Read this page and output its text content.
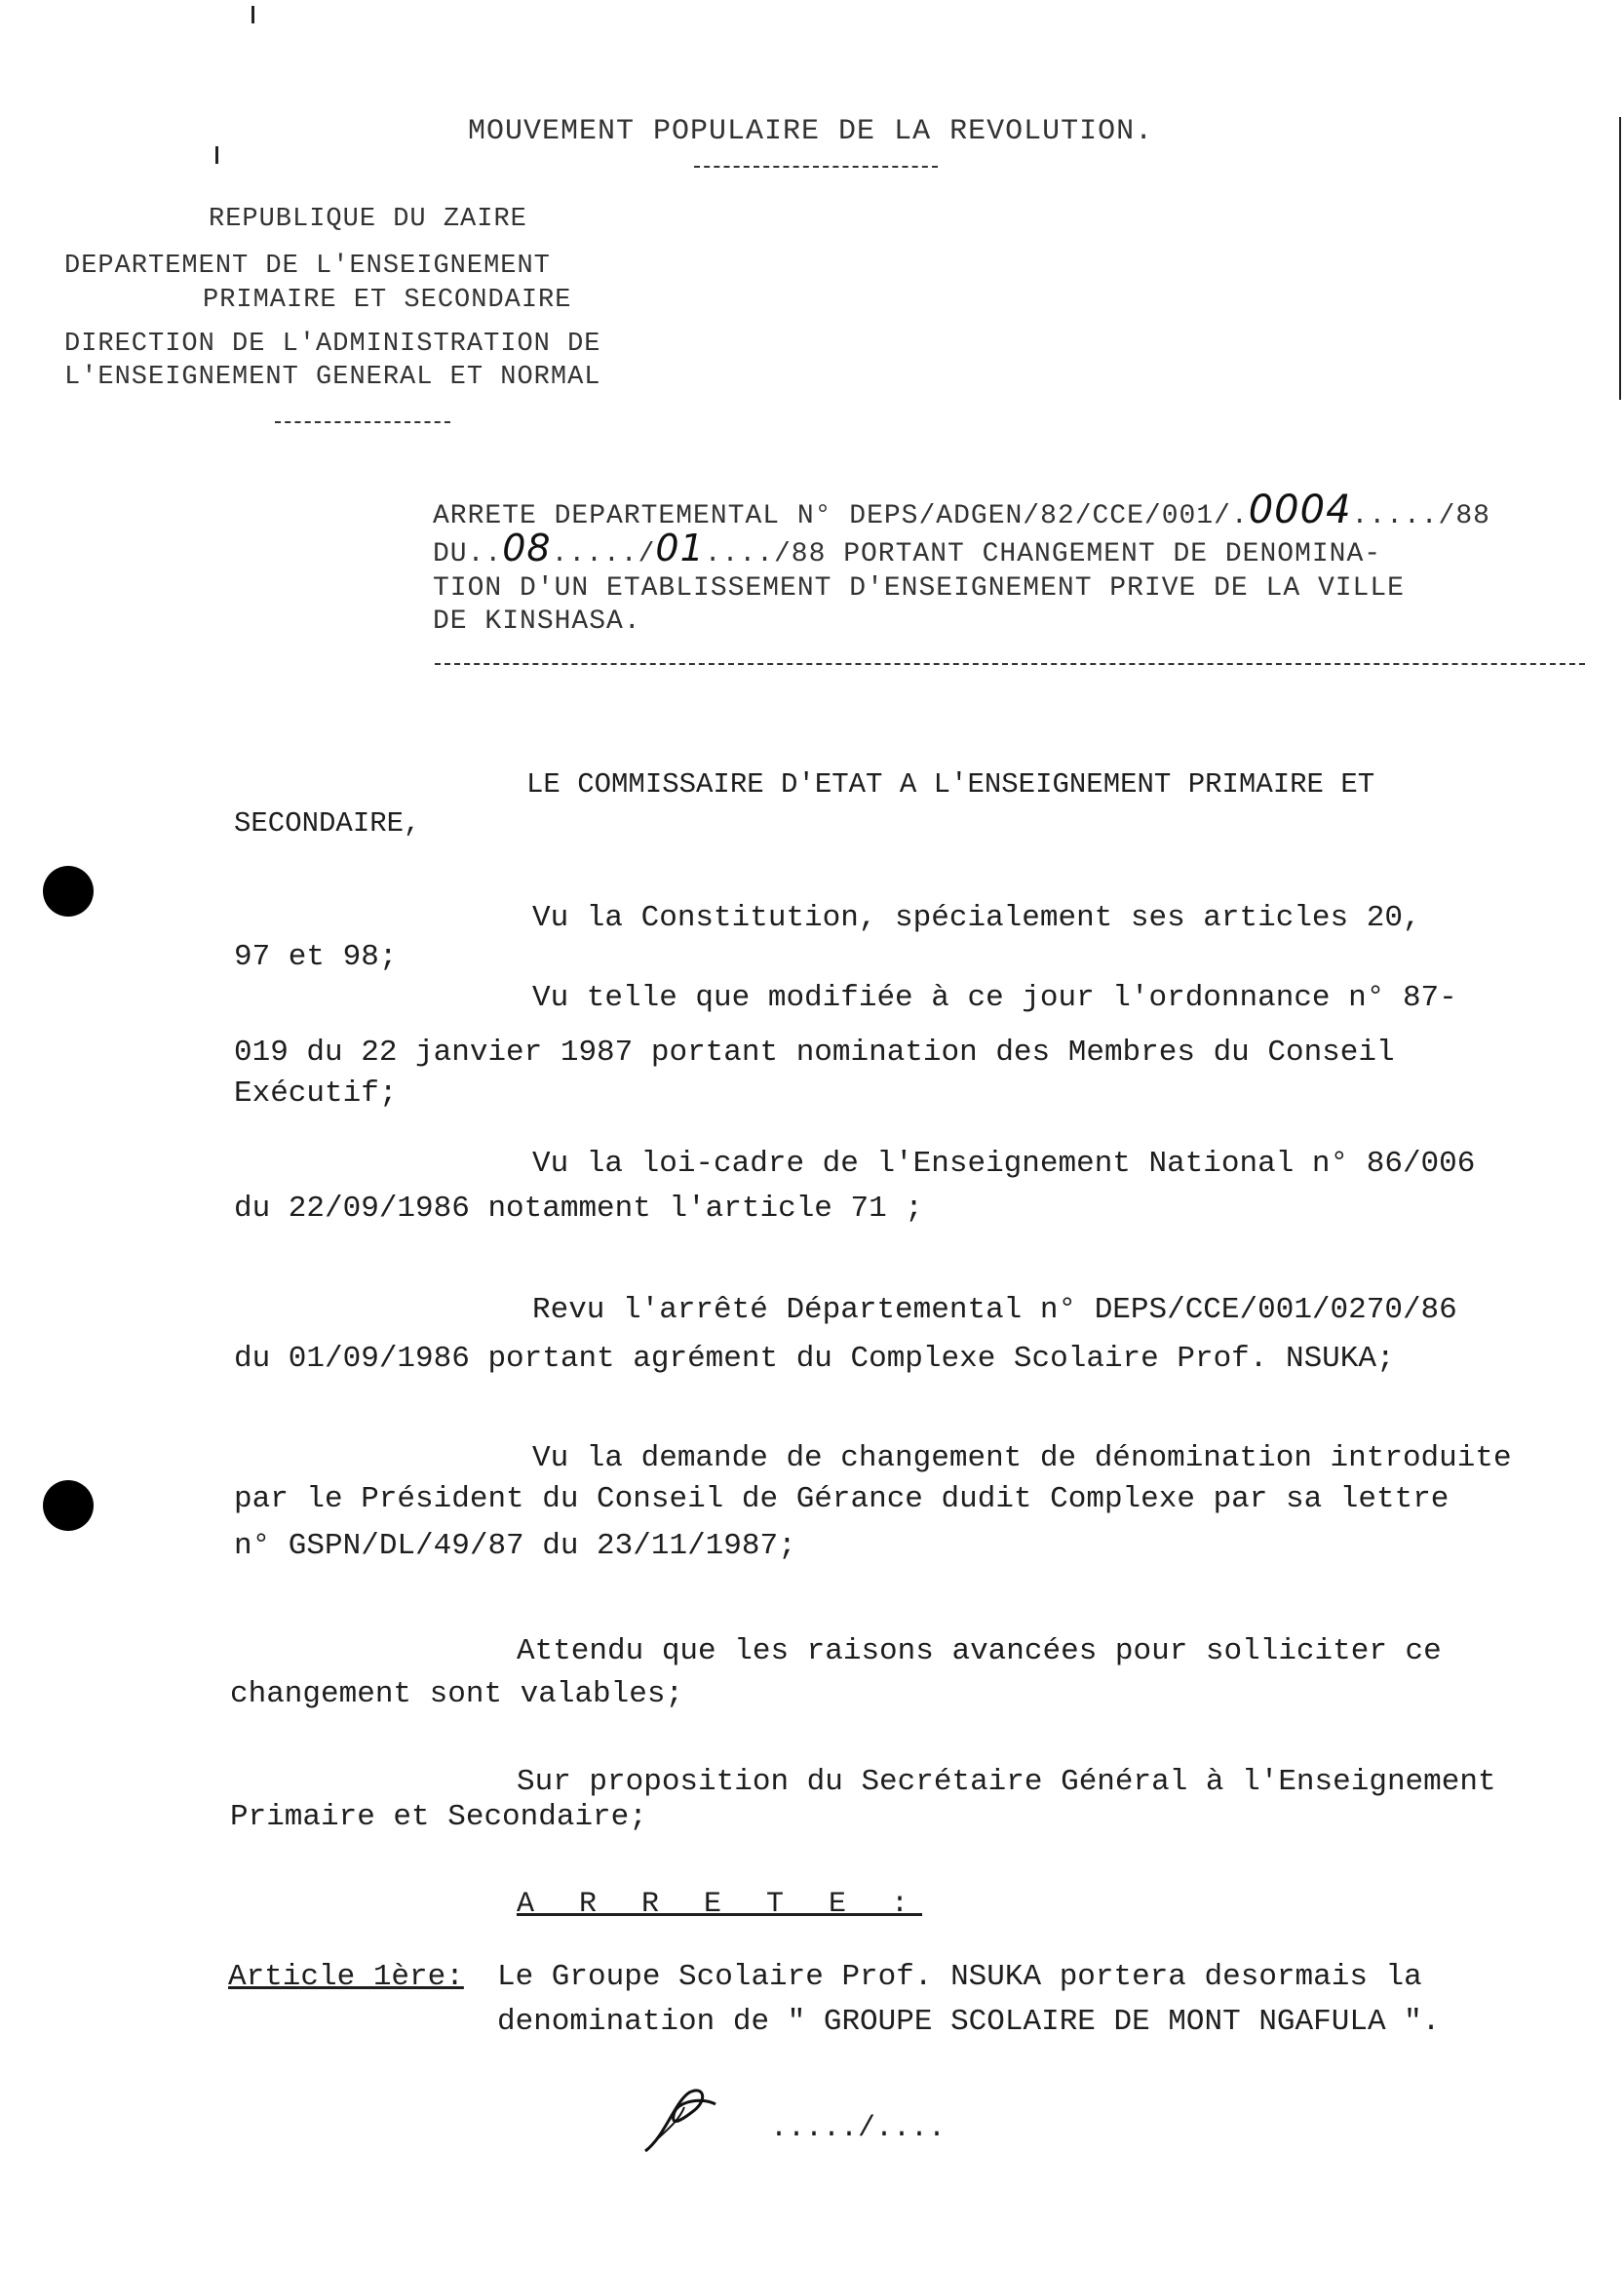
MOUVEMENT POPULAIRE DE LA REVOLUTION.
REPUBLIQUE DU ZAIRE
DEPARTEMENT DE L'ENSEIGNEMENT
PRIMAIRE ET SECONDAIRE
DIRECTION DE L'ADMINISTRATION DE
L'ENSEIGNEMENT GENERAL ET NORMAL
ARRETE DEPARTEMENTAL N° DEPS/ADGEN/82/CCE/001/.0004...../88
DU..08...../01..../88 PORTANT CHANGEMENT DE DENOMINA-
TION D'UN ETABLISSEMENT D'ENSEIGNEMENT PRIVE DE LA VILLE
DE KINSHASA.
LE COMMISSAIRE D'ETAT A L'ENSEIGNEMENT PRIMAIRE ET
SECONDAIRE,
Vu la Constitution, spécialement ses articles 20,
97 et 98;
Vu telle que modifiée à ce jour l'ordonnance n° 87-
019 du 22 janvier 1987 portant nomination des Membres du Conseil
Exécutif;
Vu la loi-cadre de l'Enseignement National n° 86/006
du 22/09/1986 notamment l'article 71 ;
Revu l'arrêté Départemental n° DEPS/CCE/001/0270/86
du 01/09/1986 portant agrément du Complexe Scolaire Prof. NSUKA;
Vu la demande de changement de dénomination introduite
par le Président du Conseil de Gérance dudit Complexe par sa lettre
n° GSPN/DL/49/87 du 23/11/1987;
Attendu que les raisons avancées pour solliciter ce
changement sont valables;
Sur proposition du Secrétaire Général à l'Enseignement
Primaire et Secondaire;
A R R E T E :
Article 1ère: Le Groupe Scolaire Prof. NSUKA portera desormais la
denomination de " GROUPE SCOLAIRE DE MONT NGAFULA ".
...../....
